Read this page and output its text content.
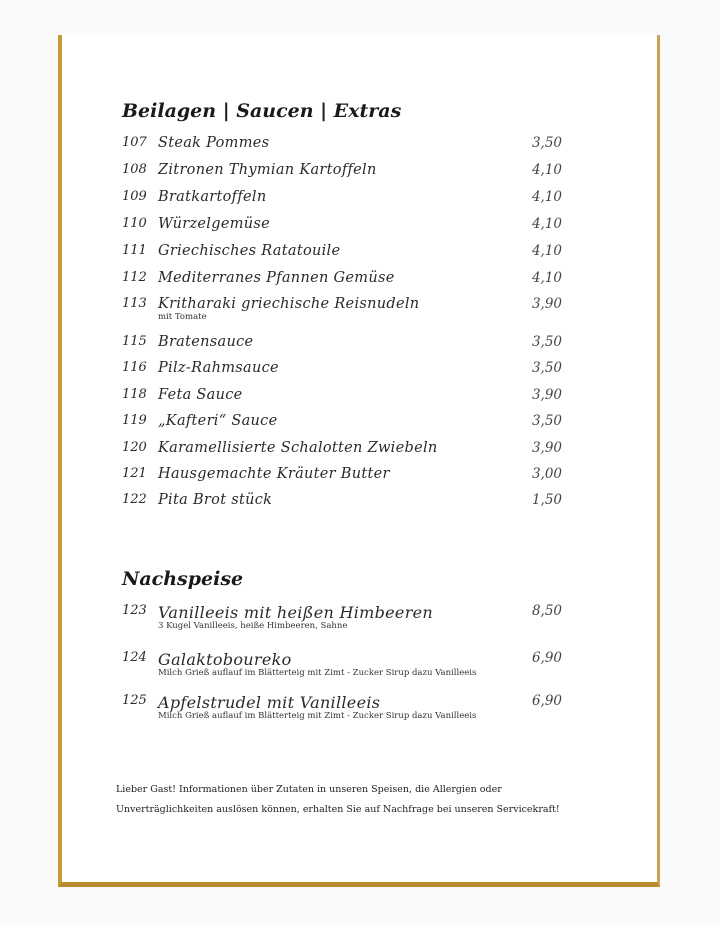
Beilagen | Saucen | Extras
107 Steak Pommes	3,50
108 Zitronen Thymian Kartoffeln	4,10
109 Bratkartoffeln	4,10
110 Würzelgemüse	4,10
111 Griechisches Ratatouile	4,10
112 Mediterranes Pfannen Gemüse	4,10
113 Kritharaki griechische Reisnudeln	3,90
mit Tomate
115 Bratensauce	3,50
116 Pilz-Rahmsauce	3,50
118 Feta Sauce	3,90
119 „Kafteri“ Sauce	3,50
120 Karamellisierte Schalotten Zwiebeln	3,90
121 Hausgemachte Kräuter Butter	3,00
122 Pita Brot stück	1,50
Nachspeise
123 Vanilleeis mit heißen Himbeeren	8,50
3 Kugel Vanilleeis, heiße Himbeeren, Sahne
124 Galaktoboureko	6,90
Milch Grieß auflauf im Blätterteig mit Zimt - Zucker Sirup dazu Vanilleeis
125 Apfelstrudel mit Vanilleeis	6,90
Milch Grieß auflauf im Blätterteig mit Zimt - Zucker Sirup dazu Vanilleeis
Lieber Gast! Informationen über Zutaten in unseren Speisen, die Allergien oder
Unverträglichkeiten auslösen können, erhalten Sie auf Nachfrage bei unseren Servicekraft!
